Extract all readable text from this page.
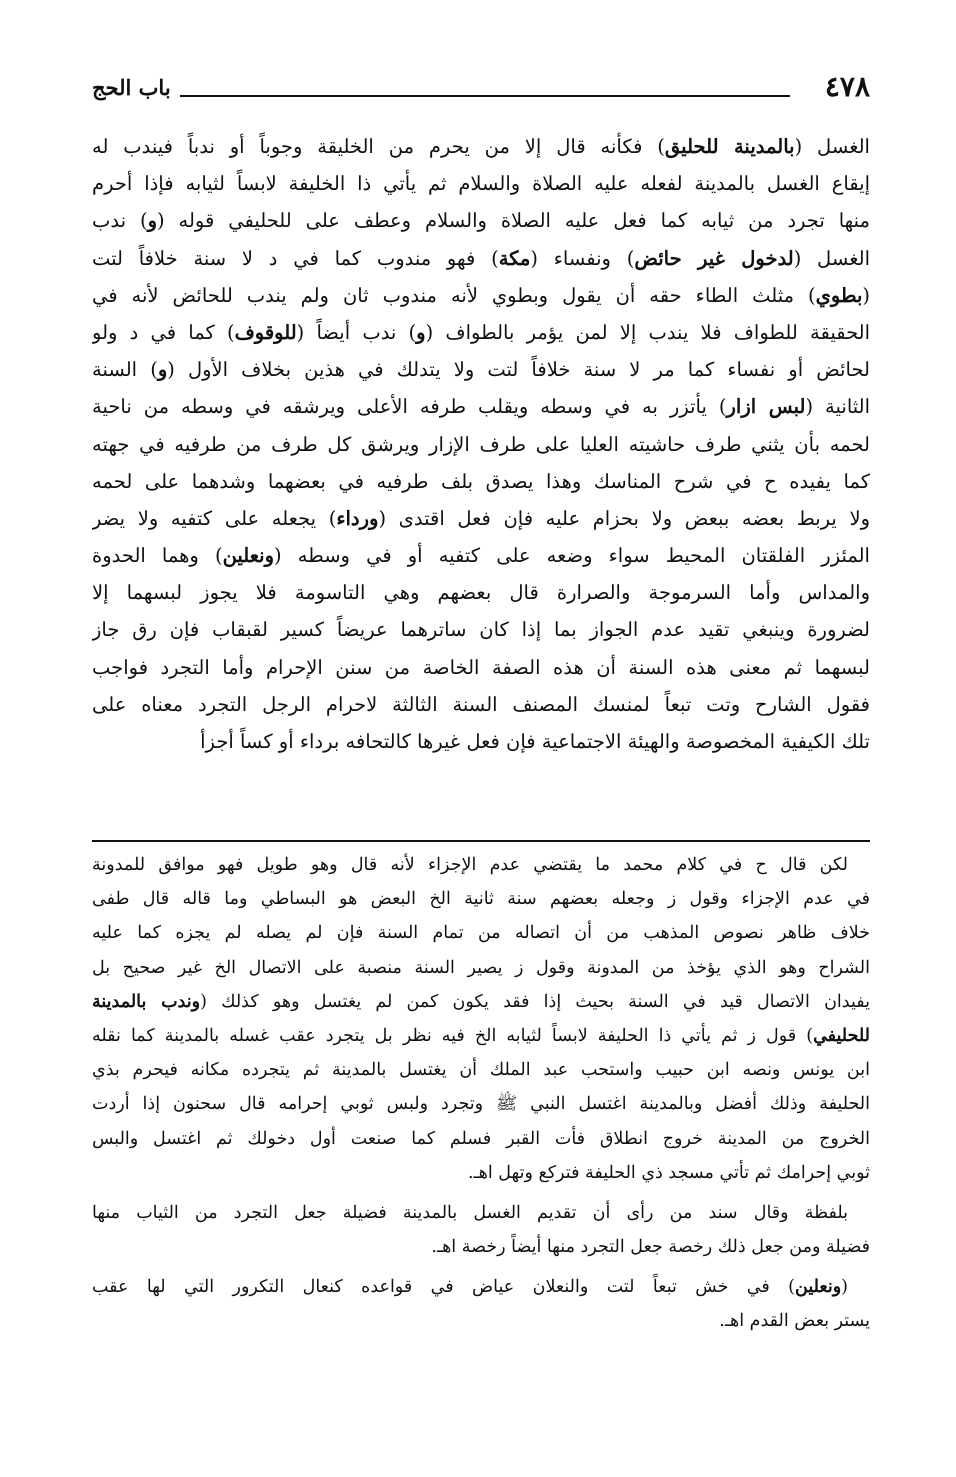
٤٧٨
باب الحج
الغسل (بالمدينة للحليق) فكأنه قال إلا من يحرم من الخليقة وجوباً أو ندباً فيندب له
إيقاع الغسل بالمدينة لفعله عليه الصلاة والسلام ثم يأتي ذا الخليفة لابساً لثيابه فإذا أحرم
منها تجرد من ثيابه كما فعل عليه الصلاة والسلام وعطف على للحليفي قوله (و) ندب
الغسل (لدخول غير حائض) ونفساء (مكة) فهو مندوب كما في د لا سنة خلافاً لتت
(بطوي) مثلث الطاء حقه أن يقول وبطوي لأنه مندوب ثان ولم يندب للحائض لأنه في
الحقيقة للطواف فلا يندب إلا لمن يؤمر بالطواف (و) ندب أيضاً (للوقوف) كما في د ولو
لحائض أو نفساء كما مر لا سنة خلافاً لتت ولا يتدلك في هذين بخلاف الأول (و) السنة
الثانية (لبس ازار) يأتزر به في وسطه ويقلب طرفه الأعلى ويرشقه في وسطه من ناحية
لحمه بأن يثني طرف حاشيته العليا على طرف الإزار ويرشق كل طرف من طرفيه في جهته
كما يفيده ح في شرح المناسك وهذا يصدق بلف طرفيه في بعضهما وشدهما على لحمه
ولا يربط بعضه ببعض ولا بحزام عليه فإن فعل اقتدى (ورداء) يجعله على كتفيه ولا يضر
المئزر الفلقتان المحيط سواء وضعه على كتفيه أو في وسطه (ونعلين) وهما الحدوة
والمداس وأما السرموجة والصرارة قال بعضهم وهي التاسومة فلا يجوز لبسهما إلا
لضرورة وينبغي تقيد عدم الجواز بما إذا كان ساترهما عريضاً كسير لقبقاب فإن رق جاز
لبسهما ثم معنى هذه السنة أن هذه الصفة الخاصة من سنن الإحرام وأما التجرد فواجب
فقول الشارح وتت تبعاً لمنسك المصنف السنة الثالثة لاحرام الرجل التجرد معناه على
تلك الكيفية المخصوصة والهيئة الاجتماعية فإن فعل غيرها كالتحافه برداء أو كساً أجزأ
لكن قال ح في كلام محمد ما يقتضي عدم الإجزاء لأنه قال وهو طويل فهو موافق للمدونة
في عدم الإجزاء وقول ز وجعله بعضهم سنة ثانية الخ البعض هو البساطي وما قاله قال طفى
خلاف ظاهر نصوص المذهب من أن اتصاله من تمام السنة فإن لم يصله لم يجزه كما عليه
الشراح وهو الذي يؤخذ من المدونة وقول ز يصير السنة منصبة على الاتصال الخ غير صحيح بل
يفيدان الاتصال قيد في السنة بحيث إذا فقد يكون كمن لم يغتسل وهو كذلك (وندب بالمدينة
للحليفي) قول ز ثم يأتي ذا الحليفة لابساً لثيابه الخ فيه نظر بل يتجرد عقب غسله بالمدينة كما نقله
ابن يونس ونصه ابن حبيب واستحب عبد الملك أن يغتسل بالمدينة ثم يتجرده مكانه فيحرم بذي
الحليفة وذلك أفضل وبالمدينة اغتسل النبي ﷺ وتجرد ولبس ثوبي إحرامه قال سحنون إذا أردت
الخروج من المدينة خروج انطلاق فأت القبر فسلم كما صنعت أول دخولك ثم اغتسل والبس
ثوبي إحرامك ثم تأتي مسجد ذي الحليفة فتركع وتهل اهـ.
بلفظة وقال سند من رأى أن تقديم الغسل بالمدينة فضيلة جعل التجرد من الثياب منها
فضيلة ومن جعل ذلك رخصة جعل التجرد منها أيضاً رخصة اهـ.
(ونعلين) في خش تبعاً لتت والنعلان عياض في قواعده كنعال التكرور التي لها عقب
يستر بعض القدم اهـ.
